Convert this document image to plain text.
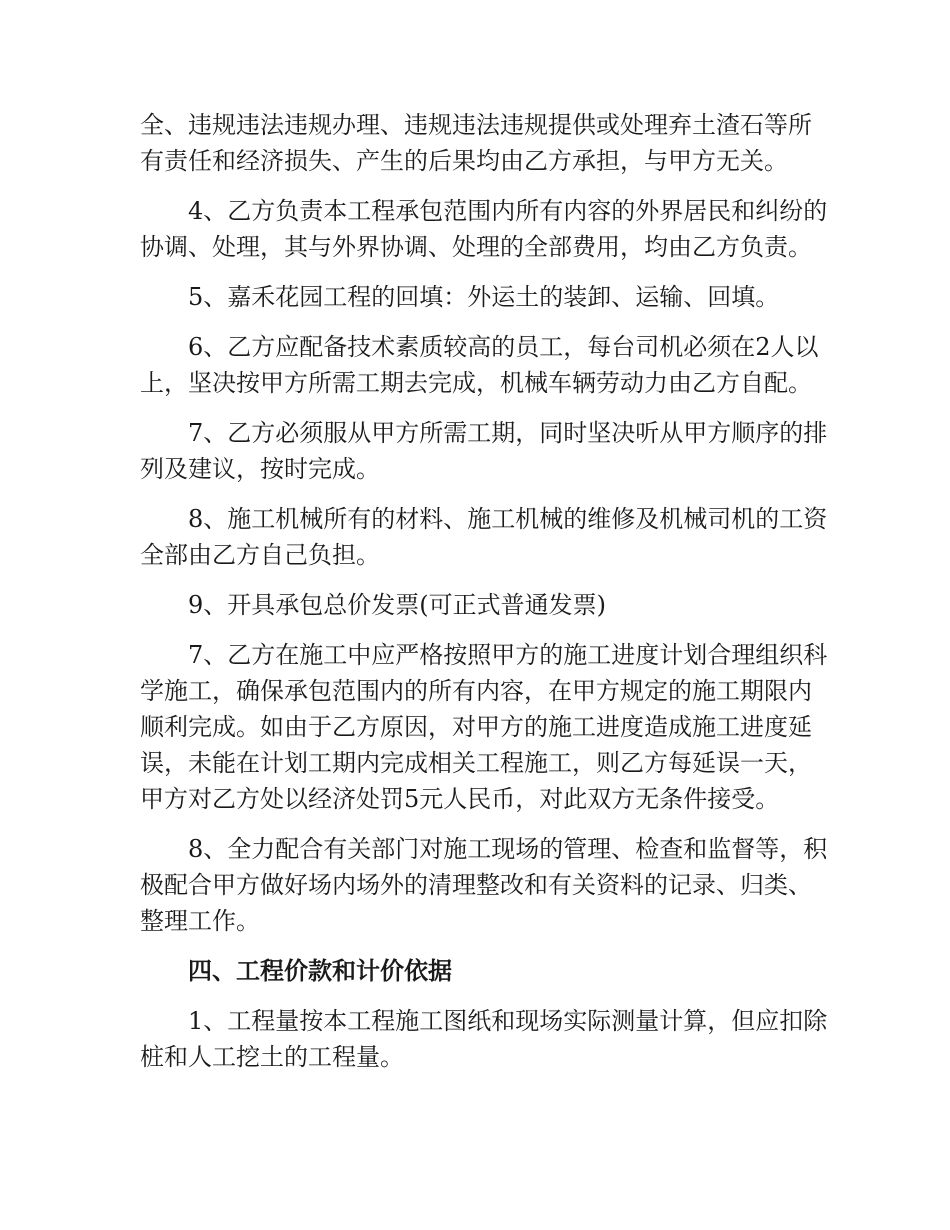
全、违规违法违规办理、违规违法违规提供或处理弃土渣石等所有责任和经济损失、产生的后果均由乙方承担，与甲方无关。

4、乙方负责本工程承包范围内所有内容的外界居民和纠纷的协调、处理，其与外界协调、处理的全部费用，均由乙方负责。

5、嘉禾花园工程的回填：外运土的装卸、运输、回填。

6、乙方应配备技术素质较高的员工，每台司机必须在2人以上，坚决按甲方所需工期去完成，机械车辆劳动力由乙方自配。

7、乙方必须服从甲方所需工期，同时坚决听从甲方顺序的排列及建议，按时完成。

8、施工机械所有的材料、施工机械的维修及机械司机的工资全部由乙方自己负担。

9、开具承包总价发票(可正式普通发票)

7、乙方在施工中应严格按照甲方的施工进度计划合理组织科学施工，确保承包范围内的所有内容，在甲方规定的施工期限内顺利完成。如由于乙方原因，对甲方的施工进度造成施工进度延误，未能在计划工期内完成相关工程施工，则乙方每延误一天，甲方对乙方处以经济处罚5元人民币，对此双方无条件接受。

8、全力配合有关部门对施工现场的管理、检查和监督等，积极配合甲方做好场内场外的清理整改和有关资料的记录、归类、整理工作。

四、工程价款和计价依据

1、工程量按本工程施工图纸和现场实际测量计算，但应扣除桩和人工挖土的工程量。
